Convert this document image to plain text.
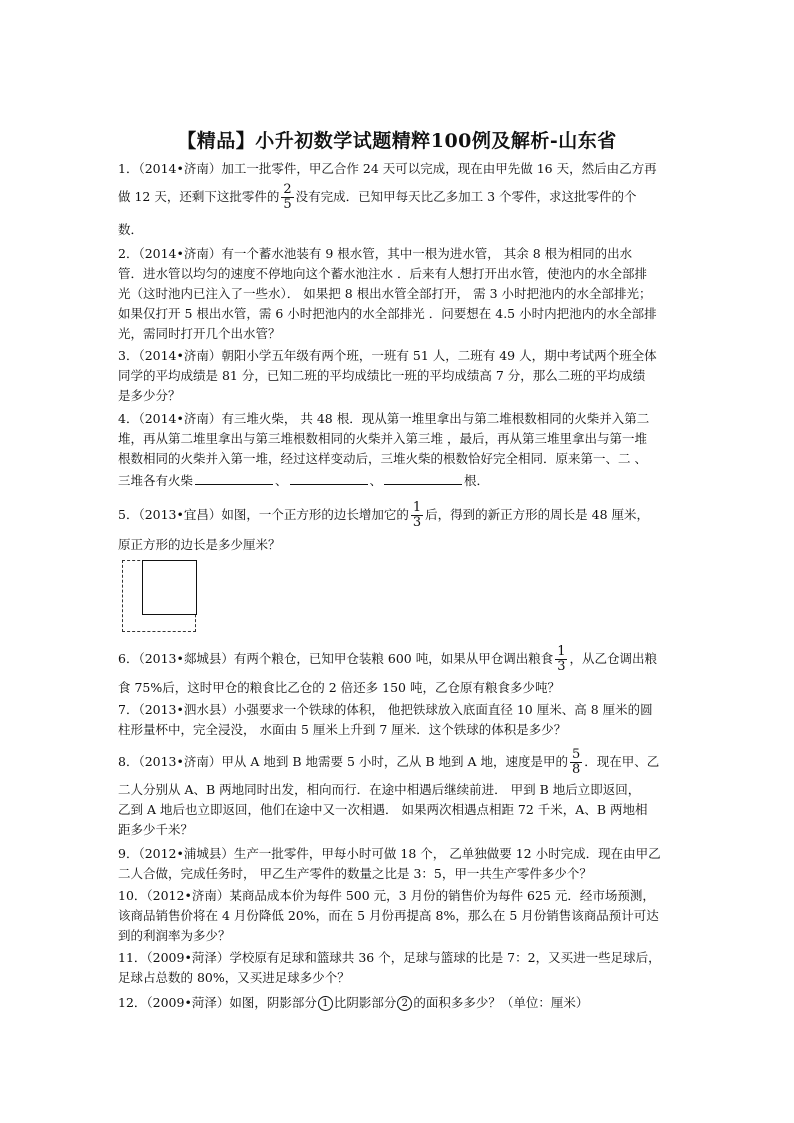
【精品】小升初数学试题精粹100例及解析-山东省
1．（2014•济南）加工一批零件，甲乙合作 24 天可以完成，现在由甲先做 16 天，然后由乙方再
做 12 天，还剩下这批零件的 $\frac{2}{5}$ 没有完成．已知甲每天比乙多加工 3 个零件，求这批零件的个
数．
2．（2014•济南）有一个蓄水池装有 9 根水管，其中一根为进水管， 其余 8 根为相同的出水
管．进水管以均匀的速度不停地向这个蓄水池注水 ．后来有人想打开出水管，使池内的水全部排
光（这时池内已注入了一些水）． 如果把 8 根出水管全部打开， 需 3 小时把池内的水全部排光；
如果仅打开 5 根出水管，需 6 小时把池内的水全部排光 ．问要想在 4.5 小时内把池内的水全部排
光，需同时打开几个出水管？
3．（2014•济南）朝阳小学五年级有两个班，一班有 51 人，二班有 49 人，期中考试两个班全体
同学的平均成绩是 81 分，已知二班的平均成绩比一班的平均成绩高 7 分，那么二班的平均成绩
是多少分？
4．（2014•济南）有三堆火柴， 共 48 根．现从第一堆里拿出与第二堆根数相同的火柴并入第二
堆，再从第二堆里拿出与第三堆根数相同的火柴并入第三堆 ，最后，再从第三堆里拿出与第一堆
根数相同的火柴并入第一堆，经过这样变动后，三堆火柴的根数恰好完全相同．原来第一、二 、
三堆各有火柴	、	、	根．
5．（2013•宜昌）如图，一个正方形的边长增加它的 $\frac{1}{3}$ 后，得到的新正方形的周长是 48 厘米，
原正方形的边长是多少厘米？
6．（2013•郯城县）有两个粮仓，已知甲仓装粮 600 吨，如果从甲仓调出粮食 $\frac{1}{3}$ ，从乙仓调出粮
食 75%后，这时甲仓的粮食比乙仓的 2 倍还多 150 吨，乙仓原有粮食多少吨？
7．（2013•泗水县）小强要求一个铁球的体积， 他把铁球放入底面直径 10 厘米、高 8 厘米的圆
柱形量杯中，完全浸没， 水面由 5 厘米上升到 7 厘米．这个铁球的体积是多少？
8．（2013•济南）甲从 A 地到 B 地需要 5 小时，乙从 B 地到 A 地，速度是甲的 $\frac{5}{8}$ ．现在甲、乙
二人分别从 A、B 两地同时出发，相向而行．在途中相遇后继续前进． 甲到 B 地后立即返回，
乙到 A 地后也立即返回，他们在途中又一次相遇． 如果两次相遇点相距 72 千米，A、B 两地相
距多少千米？
9．（2012•浦城县）生产一批零件，甲每小时可做 18 个， 乙单独做要 12 小时完成．现在由甲乙
二人合做，完成任务时， 甲乙生产零件的数量之比是 3：5，甲一共生产零件多少个？
10．（2012•济南）某商品成本价为每件 500 元，3 月份的销售价为每件 625 元．经市场预测，
该商品销售价将在 4 月份降低 20%，而在 5 月份再提高 8%，那么在 5 月份销售该商品预计可达
到的利润率为多少？
11．（2009•菏泽）学校原有足球和篮球共 36 个，足球与篮球的比是 7：2，又买进一些足球后，
足球占总数的 80%，又买进足球多少个？
12．（2009•菏泽）如图，阴影部分 1 比阴影部分 2 的面积多多少？（单位：厘米）
